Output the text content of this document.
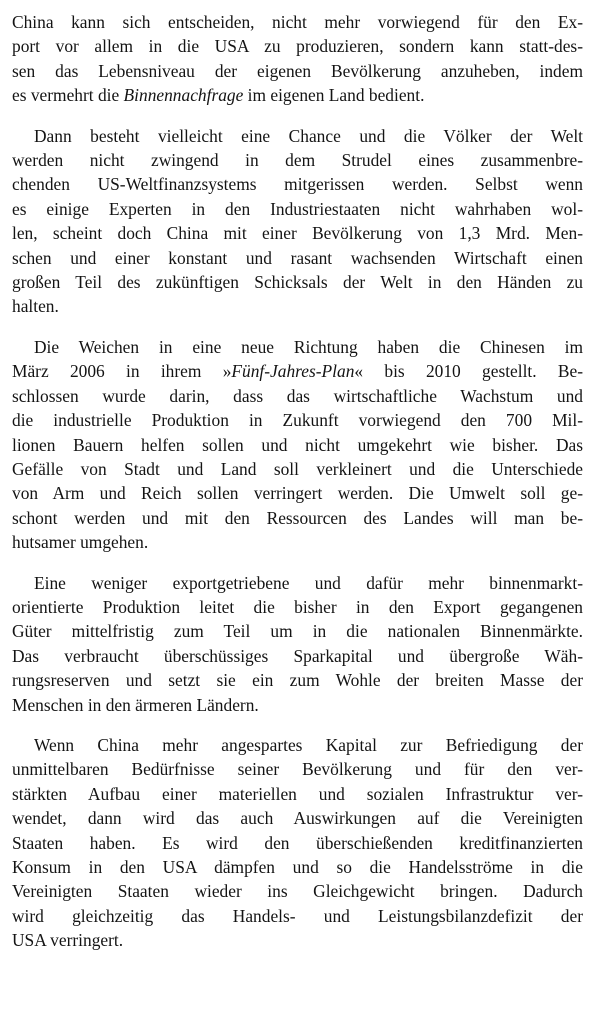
China kann sich entscheiden, nicht mehr vorwiegend für den Ex-
port vor allem in die USA zu produzieren, sondern kann statt-des-
sen das Lebensniveau der eigenen Bevölkerung anzuheben, indem
es vermehrt die Binnennachfrage im eigenen Land bedient.
Dann besteht vielleicht eine Chance und die Völker der Welt
werden nicht zwingend in dem Strudel eines zusammenbre-
chenden US-Weltfinanzsystems mitgerissen werden. Selbst wenn
es einige Experten in den Industriestaaten nicht wahrhaben wol-
len, scheint doch China mit einer Bevölkerung von 1,3 Mrd. Men-
schen und einer konstant und rasant wachsenden Wirtschaft einen
großen Teil des zukünftigen Schicksals der Welt in den Händen zu
halten.
Die Weichen in eine neue Richtung haben die Chinesen im
März 2006 in ihrem »Fünf-Jahres-Plan« bis 2010 gestellt. Be-
schlossen wurde darin, dass das wirtschaftliche Wachstum und
die industrielle Produktion in Zukunft vorwiegend den 700 Mil-
lionen Bauern helfen sollen und nicht umgekehrt wie bisher. Das
Gefälle von Stadt und Land soll verkleinert und die Unterschiede
von Arm und Reich sollen verringert werden. Die Umwelt soll ge-
schont werden und mit den Ressourcen des Landes will man be-
hutsamer umgehen.
Eine weniger exportgetriebene und dafür mehr binnenmarkt-
orientierte Produktion leitet die bisher in den Export gegangenen
Güter mittelfristig zum Teil um in die nationalen Binnenmärkte.
Das verbraucht überschüssiges Sparkapital und übergroße Wäh-
rungsreserven und setzt sie ein zum Wohle der breiten Masse der
Menschen in den ärmeren Ländern.
Wenn China mehr angespartes Kapital zur Befriedigung der
unmittelbaren Bedürfnisse seiner Bevölkerung und für den ver-
stärkten Aufbau einer materiellen und sozialen Infrastruktur ver-
wendet, dann wird das auch Auswirkungen auf die Vereinigten
Staaten haben. Es wird den überschießenden kreditfinanzierten
Konsum in den USA dämpfen und so die Handelsströme in die
Vereinigten Staaten wieder ins Gleichgewicht bringen. Dadurch
wird gleichzeitig das Handels- und Leistungsbilanzdefizit der
USA verringert.
